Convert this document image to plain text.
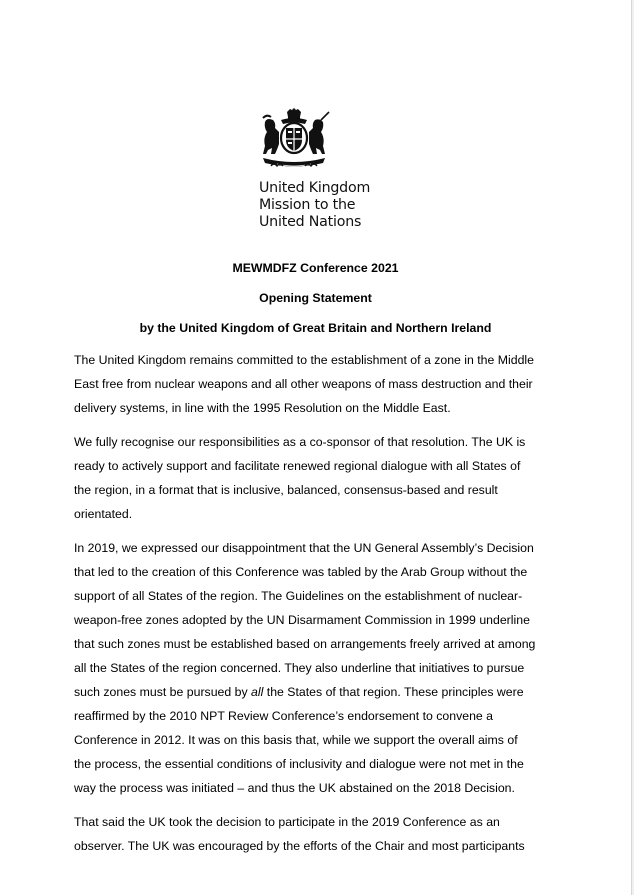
United Kingdom
Mission to the
United Nations
MEWMDFZ Conference 2021
Opening Statement
by the United Kingdom of Great Britain and Northern Ireland
The United Kingdom remains committed to the establishment of a zone in the Middle
East free from nuclear weapons and all other weapons of mass destruction and their
delivery systems, in line with the 1995 Resolution on the Middle East.
We fully recognise our responsibilities as a co-sponsor of that resolution. The UK is
ready to actively support and facilitate renewed regional dialogue with all States of
the region, in a format that is inclusive, balanced, consensus-based and result
orientated.
In 2019, we expressed our disappointment that the UN General Assembly’s Decision
that led to the creation of this Conference was tabled by the Arab Group without the
support of all States of the region. The Guidelines on the establishment of nuclear-
weapon-free zones adopted by the UN Disarmament Commission in 1999 underline
that such zones must be established based on arrangements freely arrived at among
all the States of the region concerned. They also underline that initiatives to pursue
such zones must be pursued by all the States of that region. These principles were
reaffirmed by the 2010 NPT Review Conference’s endorsement to convene a
Conference in 2012. It was on this basis that, while we support the overall aims of
the process, the essential conditions of inclusivity and dialogue were not met in the
way the process was initiated – and thus the UK abstained on the 2018 Decision.
That said the UK took the decision to participate in the 2019 Conference as an
observer. The UK was encouraged by the efforts of the Chair and most participants
